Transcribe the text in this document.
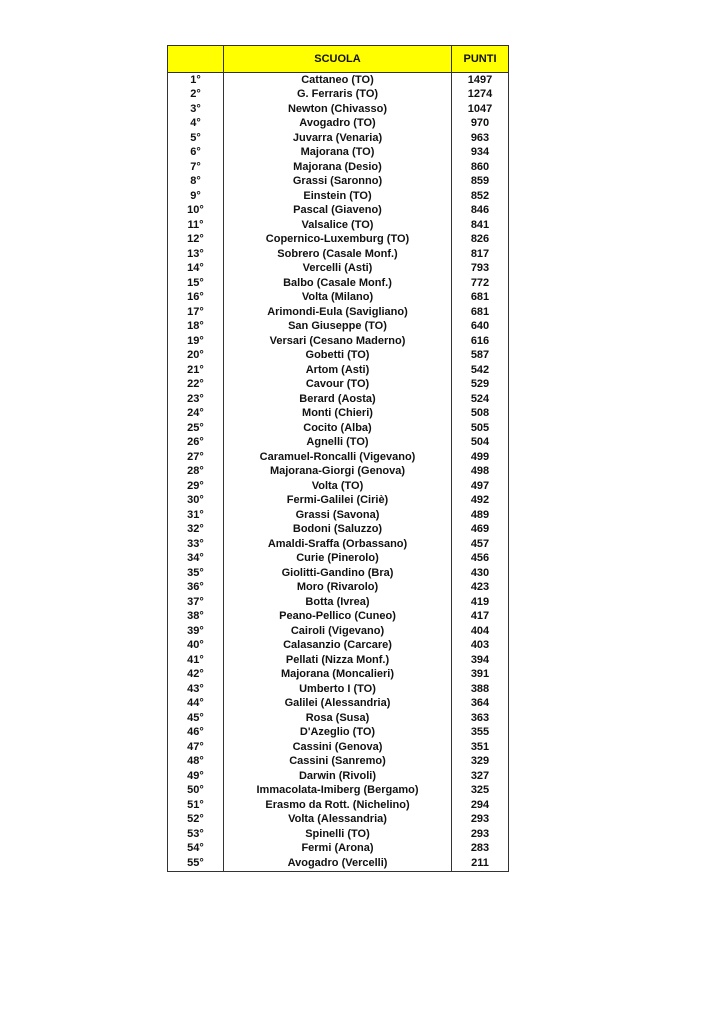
	SCUOLA	PUNTI
1°	Cattaneo (TO)	1497
2°	G. Ferraris (TO)	1274
3°	Newton (Chivasso)	1047
4°	Avogadro (TO)	970
5°	Juvarra (Venaria)	963
6°	Majorana (TO)	934
7°	Majorana (Desio)	860
8°	Grassi (Saronno)	859
9°	Einstein (TO)	852
10°	Pascal (Giaveno)	846
11°	Valsalice (TO)	841
12°	Copernico-Luxemburg (TO)	826
13°	Sobrero (Casale Monf.)	817
14°	Vercelli (Asti)	793
15°	Balbo (Casale Monf.)	772
16°	Volta (Milano)	681
17°	Arimondi-Eula (Savigliano)	681
18°	San Giuseppe (TO)	640
19°	Versari (Cesano Maderno)	616
20°	Gobetti (TO)	587
21°	Artom (Asti)	542
22°	Cavour (TO)	529
23°	Berard (Aosta)	524
24°	Monti (Chieri)	508
25°	Cocito (Alba)	505
26°	Agnelli (TO)	504
27°	Caramuel-Roncalli (Vigevano)	499
28°	Majorana-Giorgi (Genova)	498
29°	Volta (TO)	497
30°	Fermi-Galilei (Ciriè)	492
31°	Grassi (Savona)	489
32°	Bodoni (Saluzzo)	469
33°	Amaldi-Sraffa (Orbassano)	457
34°	Curie (Pinerolo)	456
35°	Giolitti-Gandino (Bra)	430
36°	Moro (Rivarolo)	423
37°	Botta (Ivrea)	419
38°	Peano-Pellico (Cuneo)	417
39°	Cairoli (Vigevano)	404
40°	Calasanzio (Carcare)	403
41°	Pellati (Nizza Monf.)	394
42°	Majorana (Moncalieri)	391
43°	Umberto I (TO)	388
44°	Galilei (Alessandria)	364
45°	Rosa (Susa)	363
46°	D'Azeglio (TO)	355
47°	Cassini (Genova)	351
48°	Cassini (Sanremo)	329
49°	Darwin (Rivoli)	327
50°	Immacolata-Imiberg (Bergamo)	325
51°	Erasmo da Rott. (Nichelino)	294
52°	Volta (Alessandria)	293
53°	Spinelli (TO)	293
54°	Fermi (Arona)	283
55°	Avogadro (Vercelli)	211
